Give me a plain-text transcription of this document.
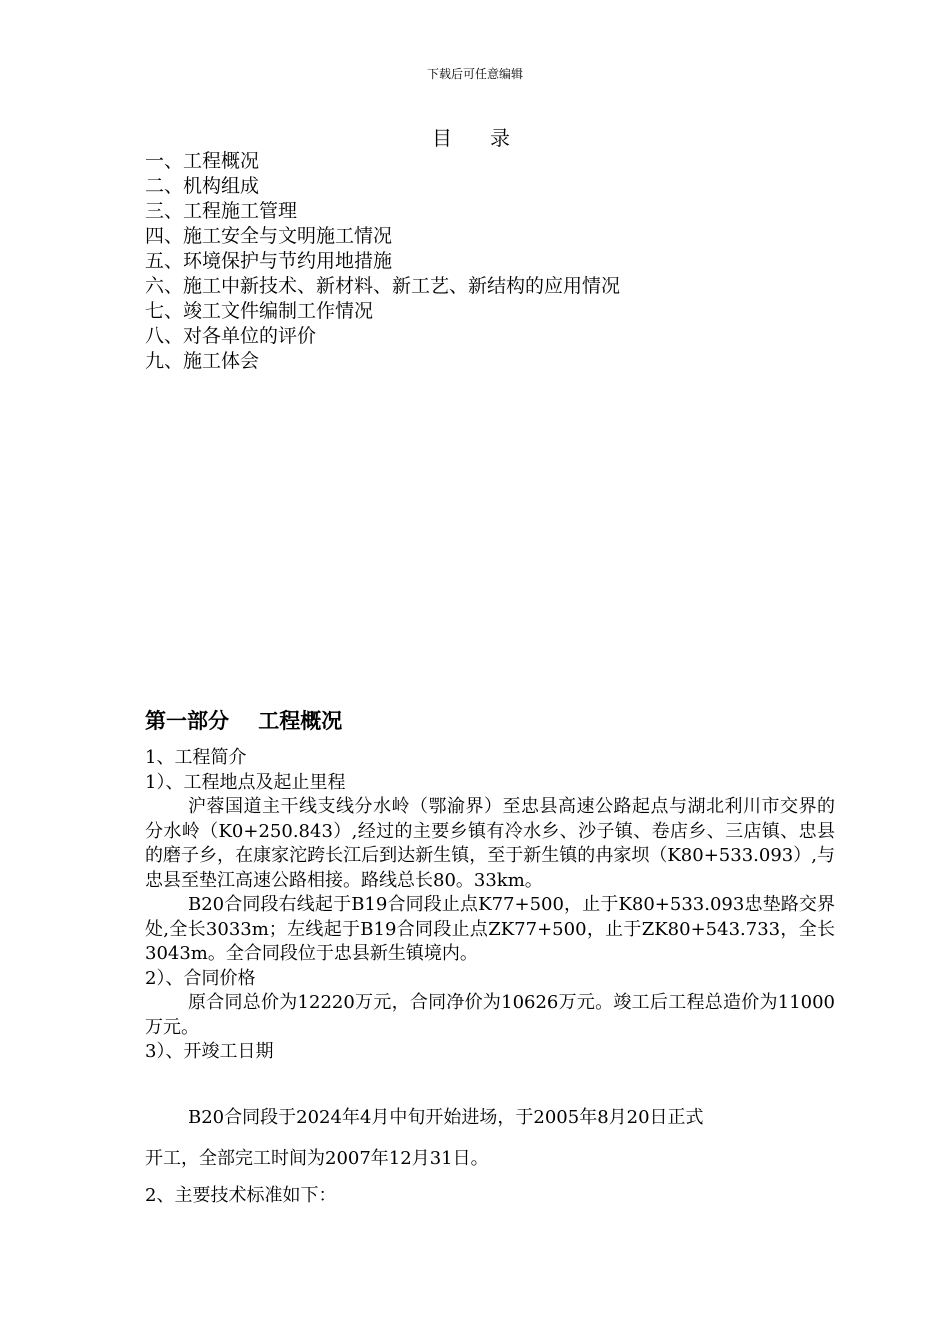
下载后可任意编辑
目录
一、工程概况
二、机构组成
三、工程施工管理
四、施工安全与文明施工情况
五、环境保护与节约用地措施
六、施工中新技术、新材料、新工艺、新结构的应用情况
七、竣工文件编制工作情况
八、对各单位的评价
九、施工体会
第一部分    工程概况
1、工程简介
1）、工程地点及起止里程
沪蓉国道主干线支线分水岭（鄂渝界）至忠县高速公路起点与湖北利川市交界的分水岭（K0+250.843）,经过的主要乡镇有冷水乡、沙子镇、卷店乡、三店镇、忠县的磨子乡，在康家沱跨长江后到达新生镇，至于新生镇的冉家坝（K80+533.093）,与忠县至垫江高速公路相接。路线总长80。33km。
B20合同段右线起于B19合同段止点K77+500，止于K80+533.093忠垫路交界处,全长3033m；左线起于B19合同段止点ZK77+500，止于ZK80+543.733，全长3043m。全合同段位于忠县新生镇境内。
2）、合同价格
原合同总价为12220万元，合同净价为10626万元。竣工后工程总造价为11000万元。
3）、开竣工日期
B20合同段于2024年4月中旬开始进场，于2005年8月20日正式
开工，全部完工时间为2007年12月31日。
2、主要技术标准如下：
